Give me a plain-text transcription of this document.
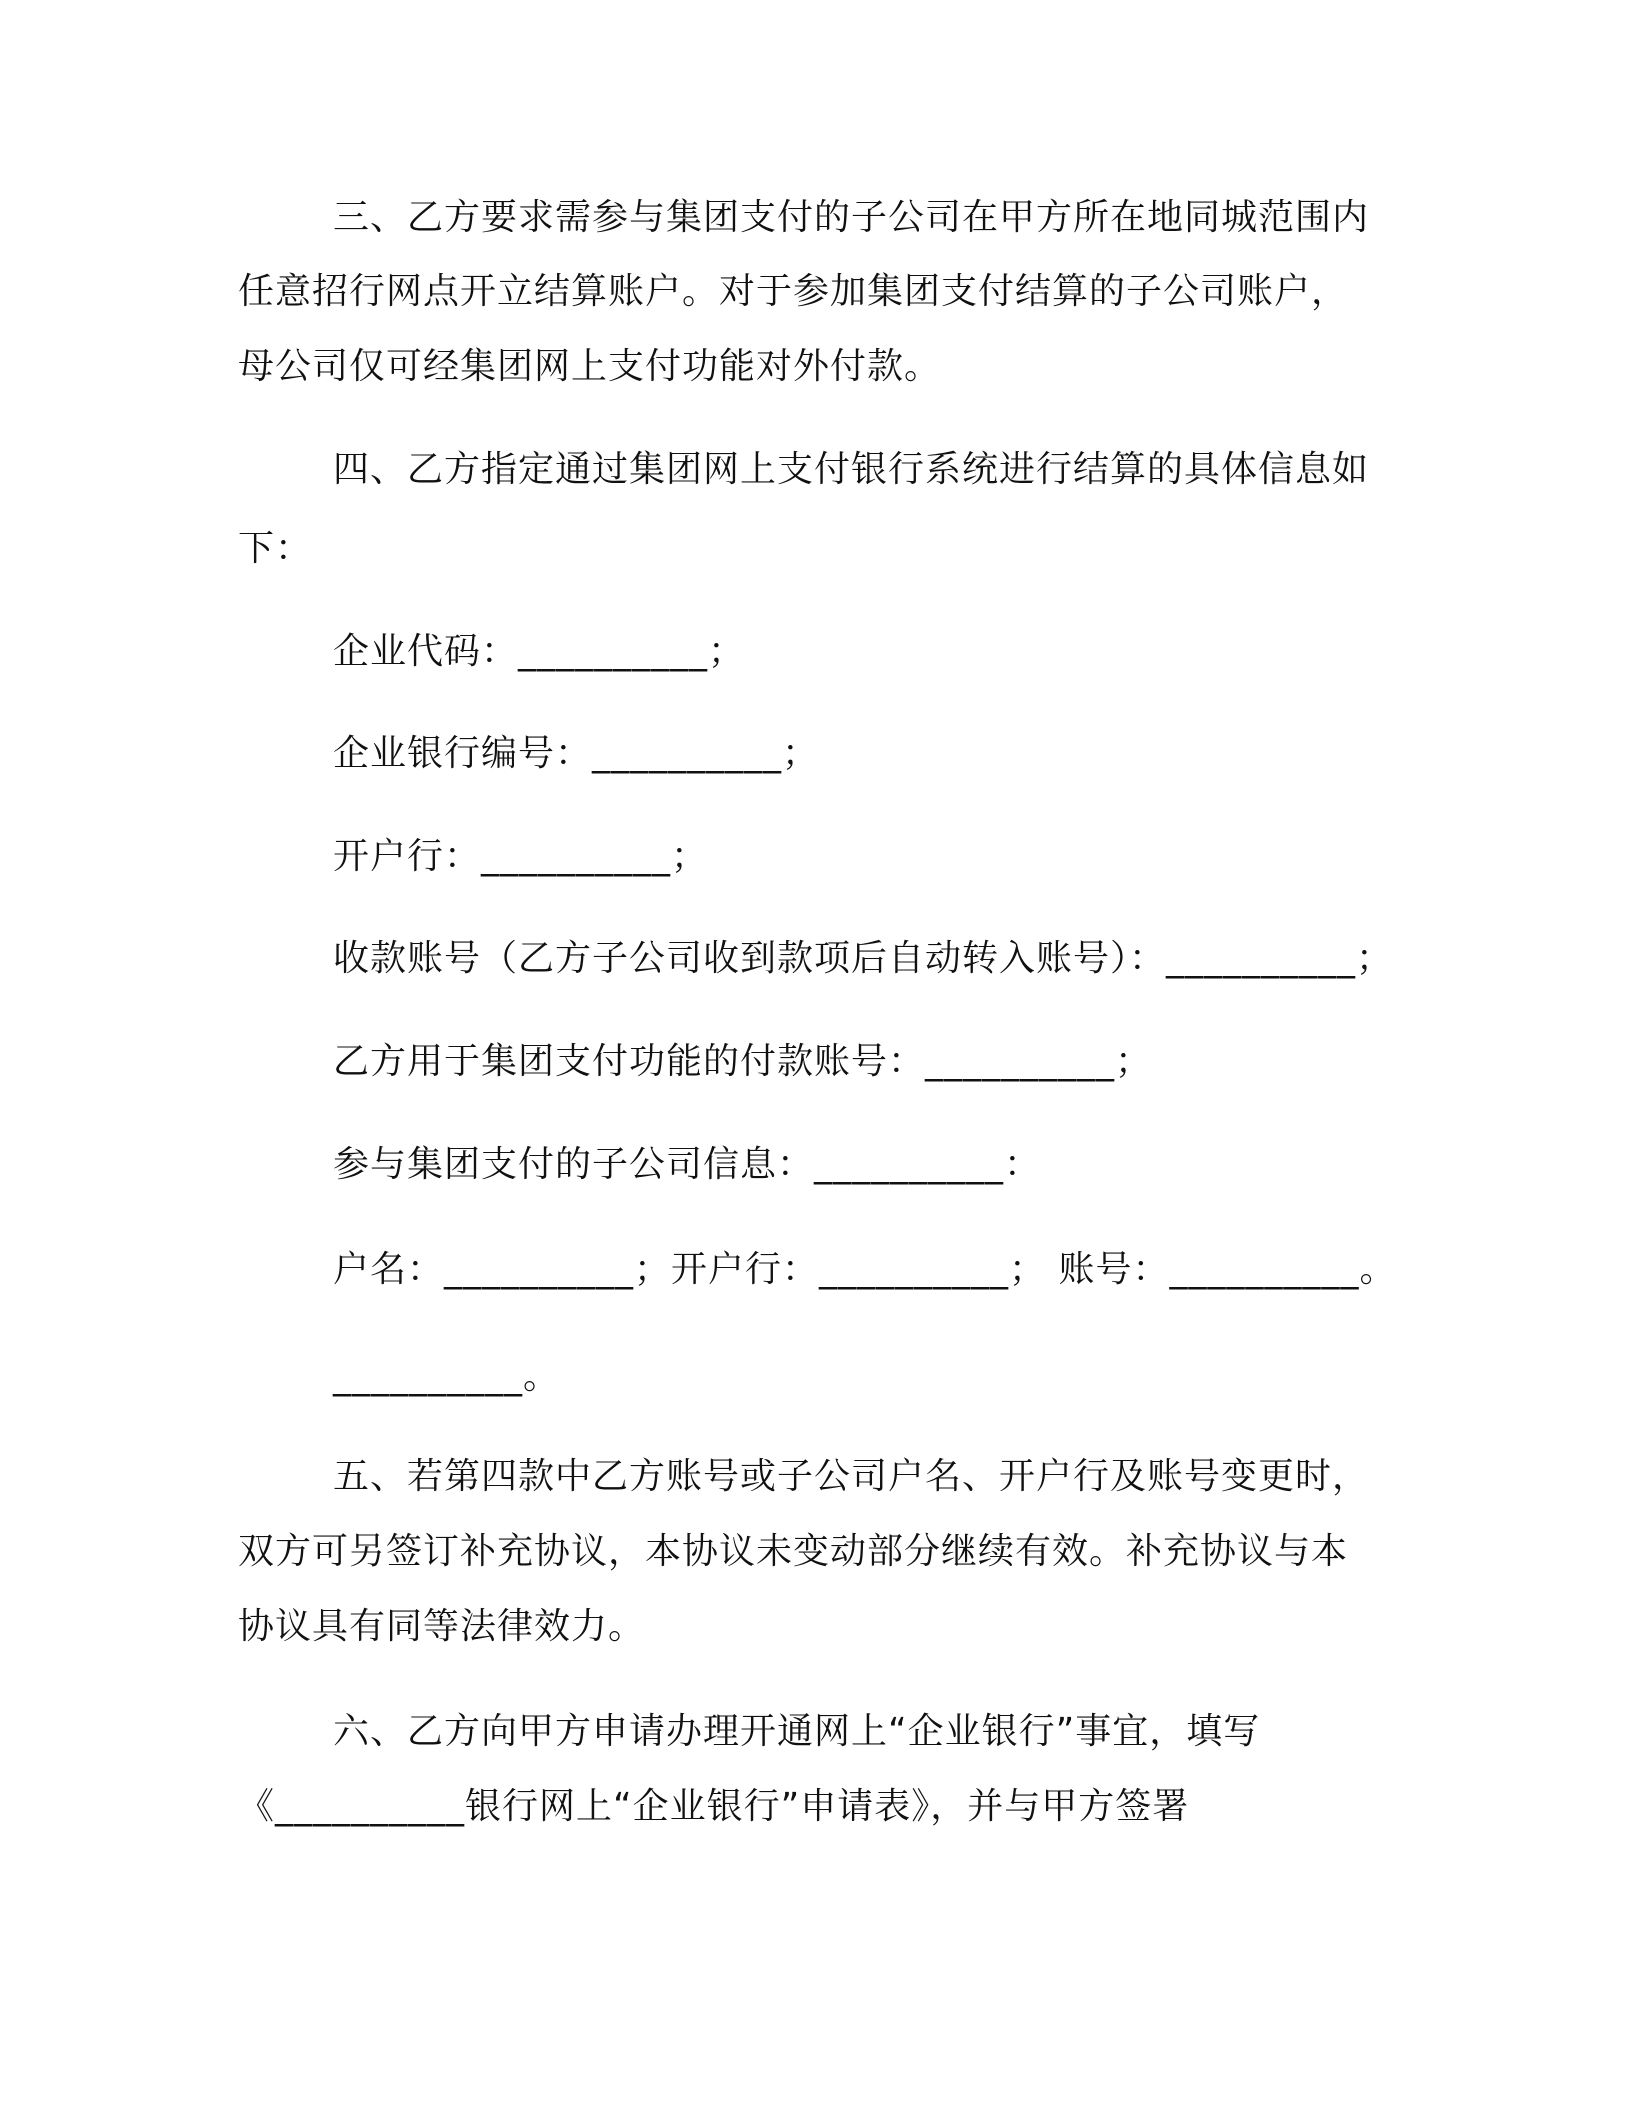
三、乙方要求需参与集团支付的子公司在甲方所在地同城范围内
任意招行网点开立结算账户。对于参加集团支付结算的子公司账户，
母公司仅可经集团网上支付功能对外付款。
四、乙方指定通过集团网上支付银行系统进行结算的具体信息如
下：
企业代码：__________；
企业银行编号：__________；
开户行：__________；
收款账号（乙方子公司收到款项后自动转入账号）：__________；
乙方用于集团支付功能的付款账号：__________；
参与集团支付的子公司信息：__________：
户名：__________；开户行：__________； 账号：__________。
__________。
五、若第四款中乙方账号或子公司户名、开户行及账号变更时，
双方可另签订补充协议，本协议未变动部分继续有效。补充协议与本
协议具有同等法律效力。
六、乙方向甲方申请办理开通网上“企业银行”事宜，填写
《__________银行网上“企业银行”申请表》，并与甲方签署
